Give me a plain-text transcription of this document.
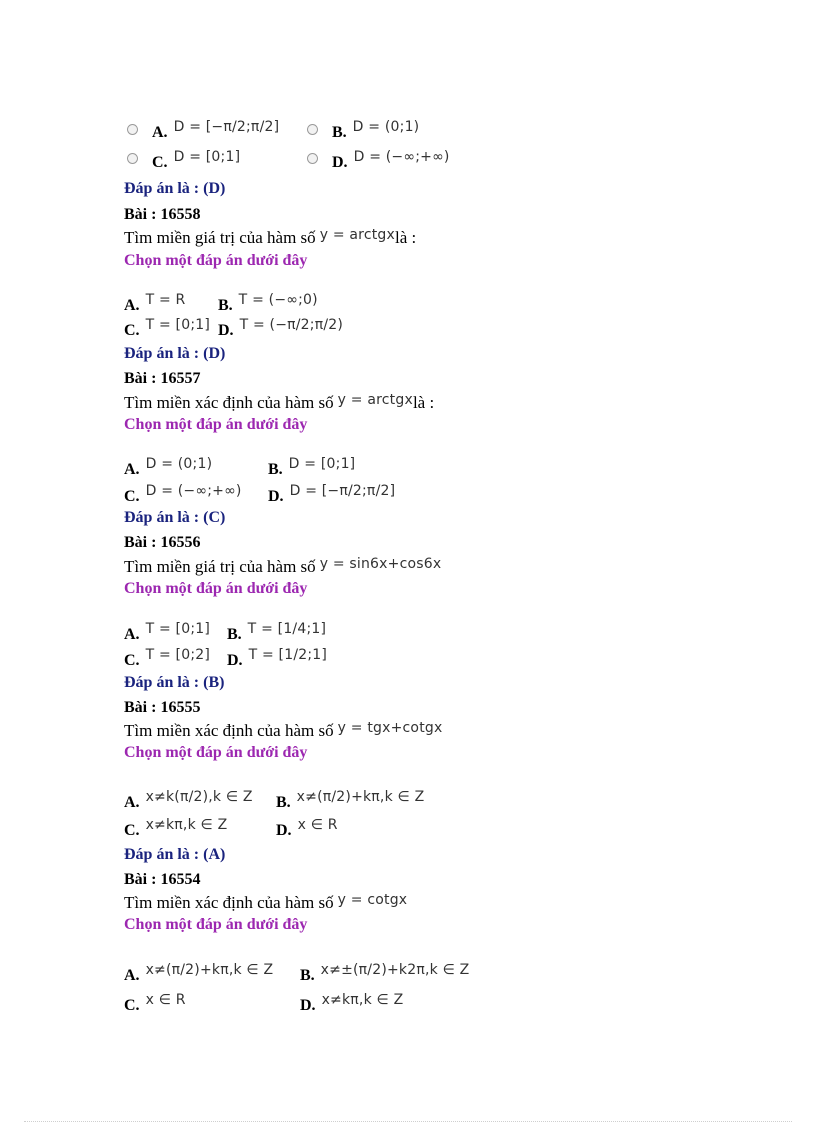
A. D = [−π/2;π/2]	B. D = (0;1)
C. D = [0;1]	D. D = (−∞;+∞)
Đáp án là : (D)
Bài : 16558
Tìm miền giá trị của hàm số $^{y = arctgx}$là :
Chọn một đáp án dưới đây
A. T = R B. T = (−∞;0)
C. T = [0;1] D. T = (−π/2;π/2)
Đáp án là : (D)
Bài : 16557
Tìm miền xác định của hàm số $^{y = arctgx}$là :
Chọn một đáp án dưới đây
A. D = (0;1)	B. D = [0;1]
C. D = (−∞;+∞) D. D = [−π/2;π/2]
Đáp án là : (C)
Bài : 16556
Tìm miền giá trị của hàm số $^{y = sin6x+cos6x}$
Chọn một đáp án dưới đây
A. T = [0;1] B. T = [1/4;1]
C. T = [0;2] D. T = [1/2;1]
Đáp án là : (B)
Bài : 16555
Tìm miền xác định của hàm số $^{y = tgx+cotgx}$
Chọn một đáp án dưới đây
A. x≠k(π/2),k ∈ Z B. x≠(π/2)+kπ,k ∈ Z
C. x≠kπ,k ∈ Z	D. x ∈ R
Đáp án là : (A)
Bài : 16554
Tìm miền xác định của hàm số $^{y = cotgx}$
Chọn một đáp án dưới đây
A. x≠(π/2)+kπ,k ∈ Z B. x≠±(π/2)+k2π,k ∈ Z
C. x ∈ R	D. x≠kπ,k ∈ Z
